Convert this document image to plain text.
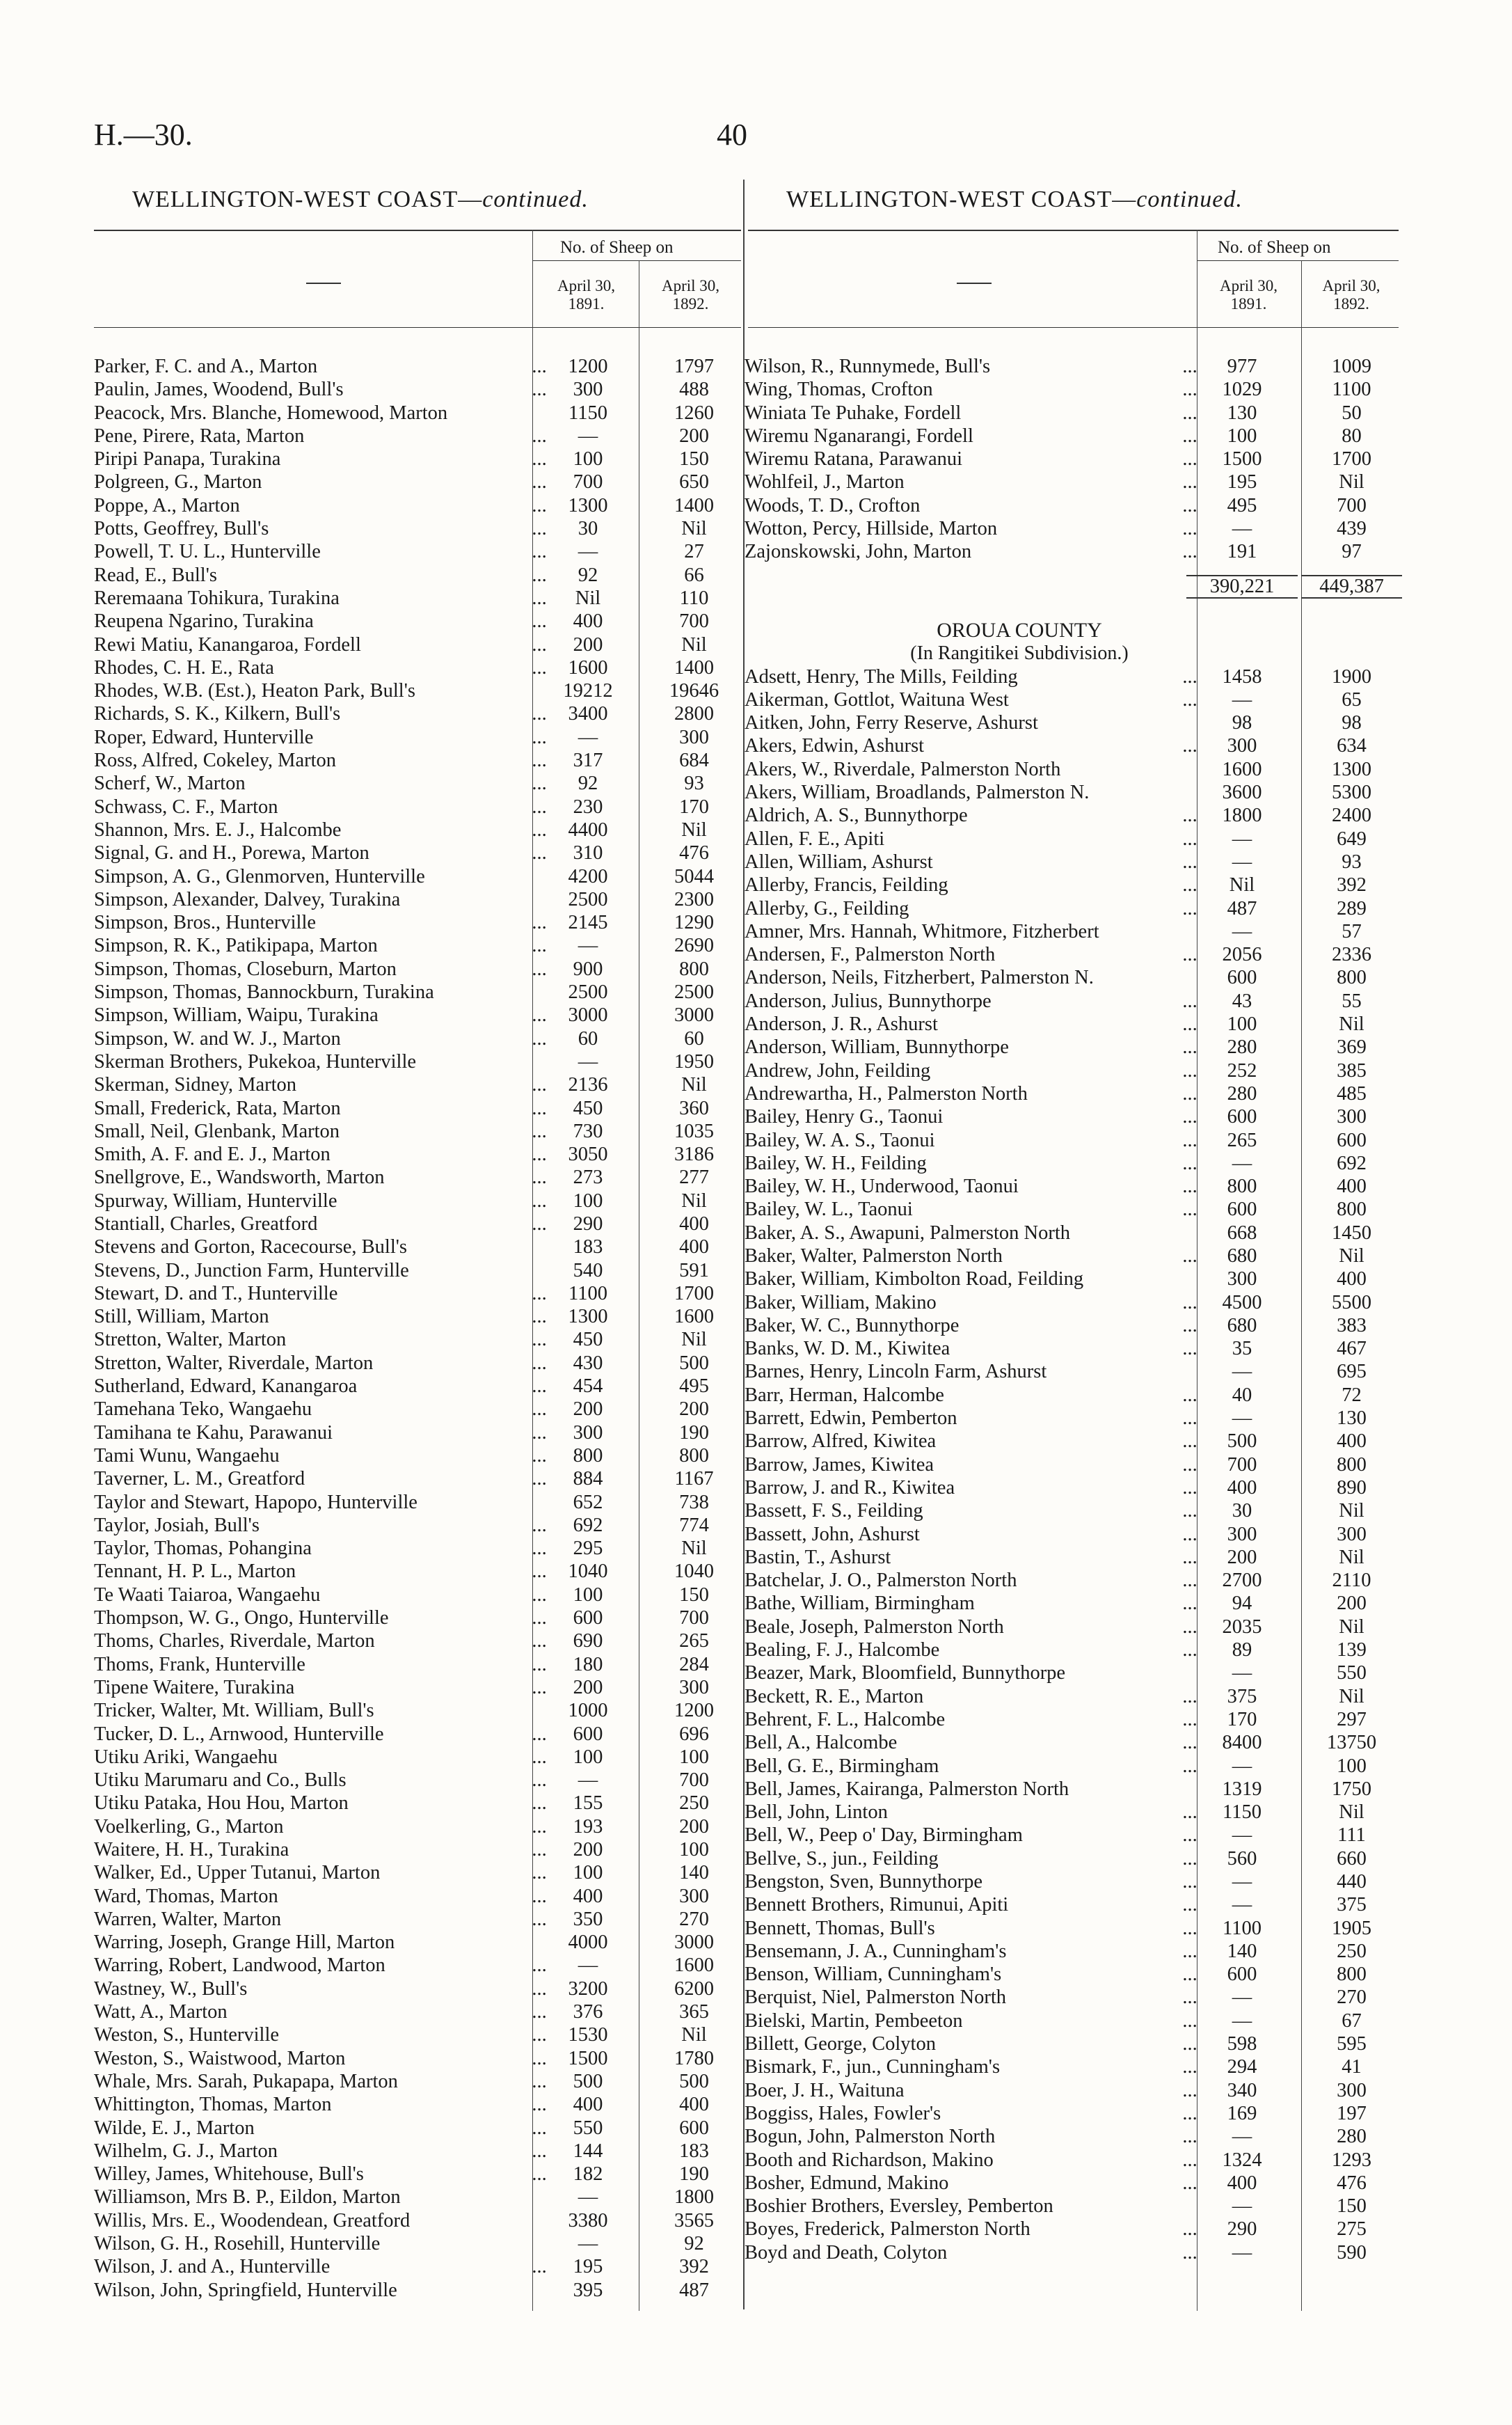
H.—30.	40
WELLINGTON-WEST COAST—continued.	WELLINGTON-WEST COAST—continued.
No. of Sheep on
April 30,
1891.
April 30,
1892.
No. of Sheep on
April 30,
1891.
April 30,
1892.
...
Parker, F. C. and A., Marton	1200	1797
...
Paulin, James, Woodend, Bull's	300	488
Peacock, Mrs. Blanche, Homewood, Marton	1150	1260
...
Pene, Pirere, Rata, Marton	—	200
...
Piripi Panapa, Turakina	100	150
...
Polgreen, G., Marton	700	650
...
Poppe, A., Marton	1300	1400
...
Potts, Geoffrey, Bull's	30	Nil
...
Powell, T. U. L., Hunterville	—	27
...
Read, E., Bull's	92	66
...
Reremaana Tohikura, Turakina	Nil	110
...
Reupena Ngarino, Turakina	400	700
...
Rewi Matiu, Kanangaroa, Fordell	200	Nil
...
Rhodes, C. H. E., Rata	1600	1400
Rhodes, W.B. (Est.), Heaton Park, Bull's	19212	19646
...
Richards, S. K., Kilkern, Bull's	3400	2800
...
Roper, Edward, Hunterville	—	300
...
Ross, Alfred, Cokeley, Marton	317	684
...
Scherf, W., Marton	92	93
...
Schwass, C. F., Marton	230	170
...
Shannon, Mrs. E. J., Halcombe	4400	Nil
...
Signal, G. and H., Porewa, Marton	310	476
Simpson, A. G., Glenmorven, Hunterville	4200	5044
Simpson, Alexander, Dalvey, Turakina	2500	2300
...
Simpson, Bros., Hunterville	2145	1290
...
Simpson, R. K., Patikipapa, Marton	—	2690
...
Simpson, Thomas, Closeburn, Marton	900	800
Simpson, Thomas, Bannockburn, Turakina	2500	2500
...
Simpson, William, Waipu, Turakina	3000	3000
...
Simpson, W. and W. J., Marton	60	60
Skerman Brothers, Pukekoa, Hunterville	—	1950
...
Skerman, Sidney, Marton	2136	Nil
...
Small, Frederick, Rata, Marton	450	360
...
Small, Neil, Glenbank, Marton	730	1035
...
Smith, A. F. and E. J., Marton	3050	3186
...
Snellgrove, E., Wandsworth, Marton	273	277
...
Spurway, William, Hunterville	100	Nil
...
Stantiall, Charles, Greatford	290	400
Stevens and Gorton, Racecourse, Bull's	183	400
Stevens, D., Junction Farm, Hunterville	540	591
...
Stewart, D. and T., Hunterville	1100	1700
...
Still, William, Marton	1300	1600
...
Stretton, Walter, Marton	450	Nil
...
Stretton, Walter, Riverdale, Marton	430	500
...
Sutherland, Edward, Kanangaroa	454	495
...
Tamehana Teko, Wangaehu	200	200
...
Tamihana te Kahu, Parawanui	300	190
...
Tami Wunu, Wangaehu	800	800
...
Taverner, L. M., Greatford	884	1167
Taylor and Stewart, Hapopo, Hunterville	652	738
...
Taylor, Josiah, Bull's	692	774
...
Taylor, Thomas, Pohangina	295	Nil
...
Tennant, H. P. L., Marton	1040	1040
...
Te Waati Taiaroa, Wangaehu	100	150
...
Thompson, W. G., Ongo, Hunterville	600	700
...
Thoms, Charles, Riverdale, Marton	690	265
...
Thoms, Frank, Hunterville	180	284
...
Tipene Waitere, Turakina	200	300
Tricker, Walter, Mt. William, Bull's	1000	1200
...
Tucker, D. L., Arnwood, Hunterville	600	696
...
Utiku Ariki, Wangaehu	100	100
...
Utiku Marumaru and Co., Bulls	—	700
...
Utiku Pataka, Hou Hou, Marton	155	250
...
Voelkerling, G., Marton	193	200
...
Waitere, H. H., Turakina	200	100
...
Walker, Ed., Upper Tutanui, Marton	100	140
...
Ward, Thomas, Marton	400	300
...
Warren, Walter, Marton	350	270
Warring, Joseph, Grange Hill, Marton	4000	3000
...
Warring, Robert, Landwood, Marton	—	1600
...
Wastney, W., Bull's	3200	6200
...
Watt, A., Marton	376	365
...
Weston, S., Hunterville	1530	Nil
...
Weston, S., Waistwood, Marton	1500	1780
...
Whale, Mrs. Sarah, Pukapapa, Marton	500	500
...
Whittington, Thomas, Marton	400	400
...
Wilde, E. J., Marton	550	600
...
Wilhelm, G. J., Marton	144	183
...
Willey, James, Whitehouse, Bull's	182	190
Williamson, Mrs B. P., Eildon, Marton	—	1800
Willis, Mrs. E., Woodendean, Greatford	3380	3565
Wilson, G. H., Rosehill, Hunterville	—	92
...
Wilson, J. and A., Hunterville	195	392
Wilson, John, Springfield, Hunterville	395	487
...
Wilson, R., Runnymede, Bull's	977	1009
...
Wing, Thomas, Crofton	1029	1100
...
Winiata Te Puhake, Fordell	130	50
...
Wiremu Nganarangi, Fordell	100	80
...
Wiremu Ratana, Parawanui	1500	1700
...
Wohlfeil, J., Marton	195	Nil
...
Woods, T. D., Crofton	495	700
...
Wotton, Percy, Hillside, Marton	—	439
...
Zajonskowski, John, Marton	191	97
390,221	449,387
OROUA COUNTY
(In Rangitikei Subdivision.)
...
Adsett, Henry, The Mills, Feilding	1458	1900
...
Aikerman, Gottlot, Waituna West	—	65
Aitken, John, Ferry Reserve, Ashurst	98	98
...
Akers, Edwin, Ashurst	300	634
Akers, W., Riverdale, Palmerston North	1600	1300
Akers, William, Broadlands, Palmerston N.	3600	5300
...
Aldrich, A. S., Bunnythorpe	1800	2400
...
Allen, F. E., Apiti	—	649
...
Allen, William, Ashurst	—	93
...
Allerby, Francis, Feilding	Nil	392
...
Allerby, G., Feilding	487	289
Amner, Mrs. Hannah, Whitmore, Fitzherbert	—	57
...
Andersen, F., Palmerston North	2056	2336
Anderson, Neils, Fitzherbert, Palmerston N.	600	800
...
Anderson, Julius, Bunnythorpe	43	55
...
Anderson, J. R., Ashurst	100	Nil
...
Anderson, William, Bunnythorpe	280	369
...
Andrew, John, Feilding	252	385
...
Andrewartha, H., Palmerston North	280	485
...
Bailey, Henry G., Taonui	600	300
...
Bailey, W. A. S., Taonui	265	600
...
Bailey, W. H., Feilding	—	692
...
Bailey, W. H., Underwood, Taonui	800	400
...
Bailey, W. L., Taonui	600	800
Baker, A. S., Awapuni, Palmerston North	668	1450
...
Baker, Walter, Palmerston North	680	Nil
Baker, William, Kimbolton Road, Feilding	300	400
...
Baker, William, Makino	4500	5500
...
Baker, W. C., Bunnythorpe	680	383
...
Banks, W. D. M., Kiwitea	35	467
Barnes, Henry, Lincoln Farm, Ashurst	—	695
...
Barr, Herman, Halcombe	40	72
...
Barrett, Edwin, Pemberton	—	130
...
Barrow, Alfred, Kiwitea	500	400
...
Barrow, James, Kiwitea	700	800
...
Barrow, J. and R., Kiwitea	400	890
...
Bassett, F. S., Feilding	30	Nil
...
Bassett, John, Ashurst	300	300
...
Bastin, T., Ashurst	200	Nil
...
Batchelar, J. O., Palmerston North	2700	2110
...
Bathe, William, Birmingham	94	200
...
Beale, Joseph, Palmerston North	2035	Nil
...
Bealing, F. J., Halcombe	89	139
Beazer, Mark, Bloomfield, Bunnythorpe	—	550
...
Beckett, R. E., Marton	375	Nil
...
Behrent, F. L., Halcombe	170	297
...
Bell, A., Halcombe	8400	13750
...
Bell, G. E., Birmingham	—	100
Bell, James, Kairanga, Palmerston North	1319	1750
...
Bell, John, Linton	1150	Nil
...
Bell, W., Peep o' Day, Birmingham	—	111
...
Bellve, S., jun., Feilding	560	660
...
Bengston, Sven, Bunnythorpe	—	440
...
Bennett Brothers, Rimunui, Apiti	—	375
...
Bennett, Thomas, Bull's	1100	1905
...
Bensemann, J. A., Cunningham's	140	250
...
Benson, William, Cunningham's	600	800
...
Berquist, Niel, Palmerston North	—	270
...
Bielski, Martin, Pembeeton	—	67
...
Billett, George, Colyton	598	595
...
Bismark, F., jun., Cunningham's	294	41
...
Boer, J. H., Waituna	340	300
...
Boggiss, Hales, Fowler's	169	197
...
Bogun, John, Palmerston North	—	280
...
Booth and Richardson, Makino	1324	1293
...
Bosher, Edmund, Makino	400	476
Boshier Brothers, Eversley, Pemberton	—	150
...
Boyes, Frederick, Palmerston North	290	275
...
Boyd and Death, Colyton	—	590
